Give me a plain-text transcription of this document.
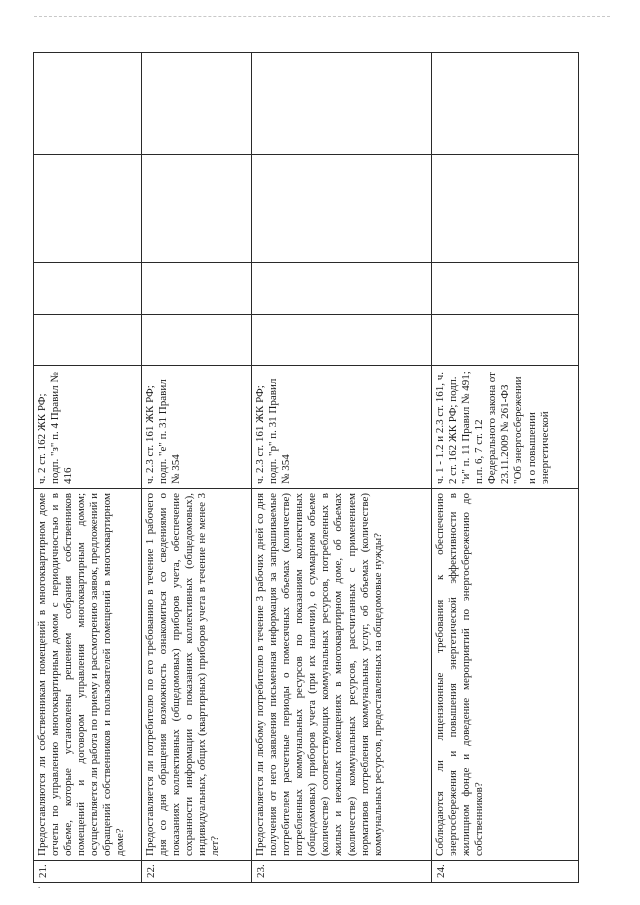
21.	Предоставляются ли собственникам помещений в многоквартирном доме отчеты по управлению многоквартирным домом с периодичностью и в объеме, которые установлены решением собрания собственников помещений и договором управления многоквартирным домом; осуществляется ли работа по приему и рассмотрению заявок, предложений и обращений собственников и пользователей помещений в многоквартирном доме?	ч. 2 ст. 162 ЖК РФ; подп. "з" п. 4 Правил № 416				
22.	Предоставляется ли потребителю по его требованию в течение 1 рабочего дня со дня обращения возможность ознакомиться со сведениями о показаниях коллективных (общедомовых) приборов учета, обеспечение сохранности информации о показаниях коллективных (общедомовых), индивидуальных, общих (квартирных) приборов учета в течение не менее 3 лет?	ч. 2.3 ст. 161 ЖК РФ; подп. "е" п. 31 Правил № 354				
23.	Предоставляется ли любому потребителю в течение 3 рабочих дней со дня получения от него заявления письменная информация за запрашиваемые потребителем расчетные периоды о помесячных объемах (количестве) потребленных коммунальных ресурсов по показаниям коллективных (общедомовых) приборов учета (при их наличии), о суммарном объеме (количестве) соответствующих коммунальных ресурсов, потребленных в жилых и нежилых помещениях в многоквартирном доме, об объемах (количестве) коммунальных ресурсов, рассчитанных с применением нормативов потребления коммунальных услуг, об объемах (количестве) коммунальных ресурсов, предоставленных на общедомовые нужды?	ч. 2.3 ст. 161 ЖК РФ; подп. "р" п. 31 Правил № 354				
24.	Соблюдаются ли лицензионные требования к обеспечению энергосбережения и повышения энергетической эффективности в жилищном фонде и доведение мероприятий по энергосбережению до собственников?	ч. 1 - 1.2 и 2.3 ст. 161, ч. 2 ст. 162 ЖК РФ; подп. "и" п. 11 Правил № 491; п.п. 6, 7 ст. 12 Федерального закона от 23.11.2009 № 261-ФЗ "Об энергосбережении и о повышении энергетической				
.
